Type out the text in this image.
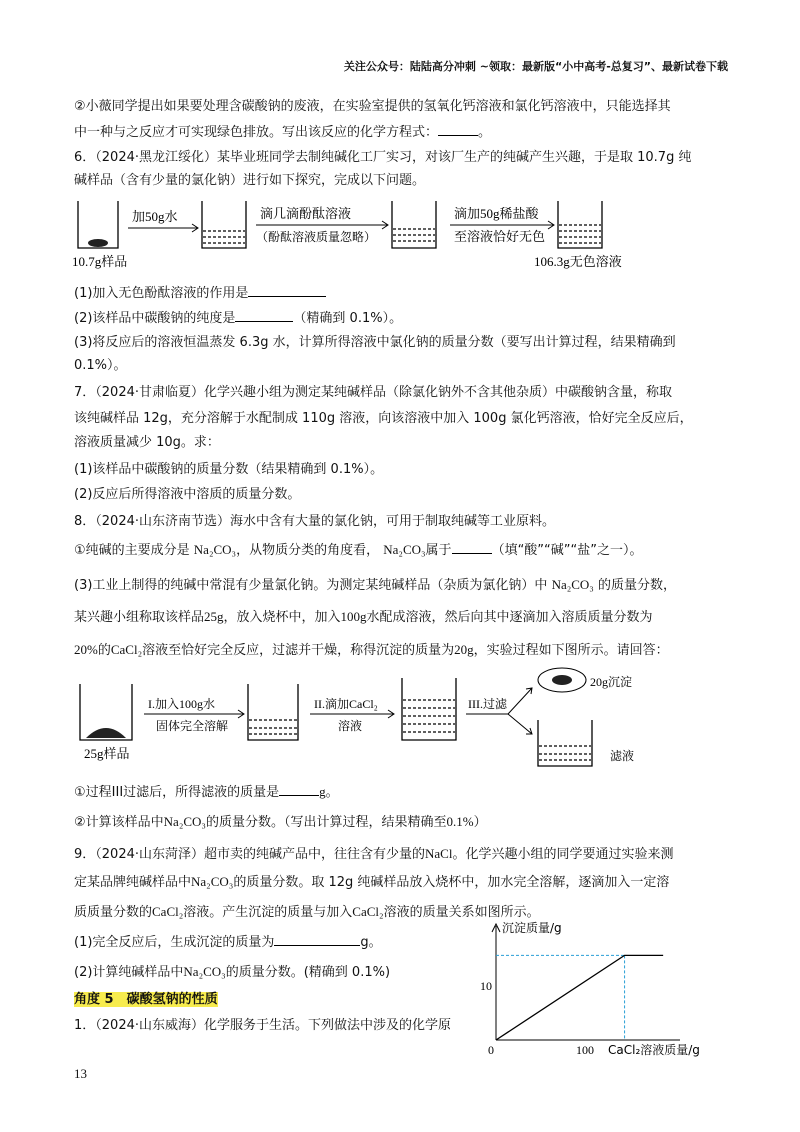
关注公众号：陆陆高分冲刺 ~领取：最新版“小中高考-总复习”、最新试卷下载
②小薇同学提出如果要处理含碳酸钠的废液，在实验室提供的氢氧化钙溶液和氯化钙溶液中，只能选择其
中一种与之反应才可实现绿色排放。写出该反应的化学方程式：	。
6．（2024·黑龙江绥化）某毕业班同学去制纯碱化工厂实习，对该厂生产的纯碱产生兴趣，于是取 10.7g 纯
碱样品（含有少量的氯化钠）进行如下探究，完成以下问题。
加50g水	滴几滴酚酞溶液
（酚酞溶液质量忽略）
滴加50g稀盐酸
至溶液恰好无色
10.7g样品	106.3g无色溶液
(1)加入无色酚酞溶液的作用是
(2)该样品中碳酸钠的纯度是	（精确到 0.1%）。
(3)将反应后的溶液恒温蒸发 6.3g 水，计算所得溶液中氯化钠的质量分数（要写出计算过程，结果精确到
0.1%）。
7．（2024·甘肃临夏）化学兴趣小组为测定某纯碱样品（除氯化钠外不含其他杂质）中碳酸钠含量，称取
该纯碱样品 12g，充分溶解于水配制成 110g 溶液，向该溶液中加入 100g 氯化钙溶液，恰好完全反应后，
溶液质量减少 10g。求：
(1)该样品中碳酸钠的质量分数（结果精确到 0.1%）。
(2)反应后所得溶液中溶质的质量分数。
8．（2024·山东济南节选）海水中含有大量的氯化钠，可用于制取纯碱等工业原料。
①纯碱的主要成分是 Na₂CO₃，从物质分类的角度看， Na₂CO₃属于	（填“酸”“碱”“盐”之一）。
(3)工业上制得的纯碱中常混有少量氯化钠。为测定某纯碱样品（杂质为氯化钠）中 Na₂CO₃ 的质量分数，
某兴趣小组称取该样品25g，放入烧杯中，加入100g水配成溶液，然后向其中逐滴加入溶质质量分数为
20%的CaCl₂溶液至恰好完全反应，过滤并干燥，称得沉淀的质量为20g，实验过程如下图所示。请回答：
25g样品
I.加入100g水
固体完全溶解
II.滴加CaCl₂
溶液
III.过滤
20g沉淀
滤液
①过程III过滤后，所得滤液的质量是	g。
②计算该样品中Na₂CO₃的质量分数。（写出计算过程，结果精确至0.1%）
9．（2024·山东菏泽）超市卖的纯碱产品中，往往含有少量的NaCl。化学兴趣小组的同学要通过实验来测
定某品牌纯碱样品中Na₂CO₃的质量分数。取 12g 纯碱样品放入烧杯中，加水完全溶解，逐滴加入一定溶
质质量分数的CaCl₂溶液。产生沉淀的质量与加入CaCl₂溶液的质量关系如图所示。
(1)完全反应后，生成沉淀的质量为	g。
(2)计算纯碱样品中Na₂CO₃的质量分数。(精确到 0.1%)
角度 5　碳酸氢钠的性质
1．（2024·山东威海）化学服务于生活。下列做法中涉及的化学原
沉淀质量/g
0	100
10
CaCl₂溶液质量/g
13
